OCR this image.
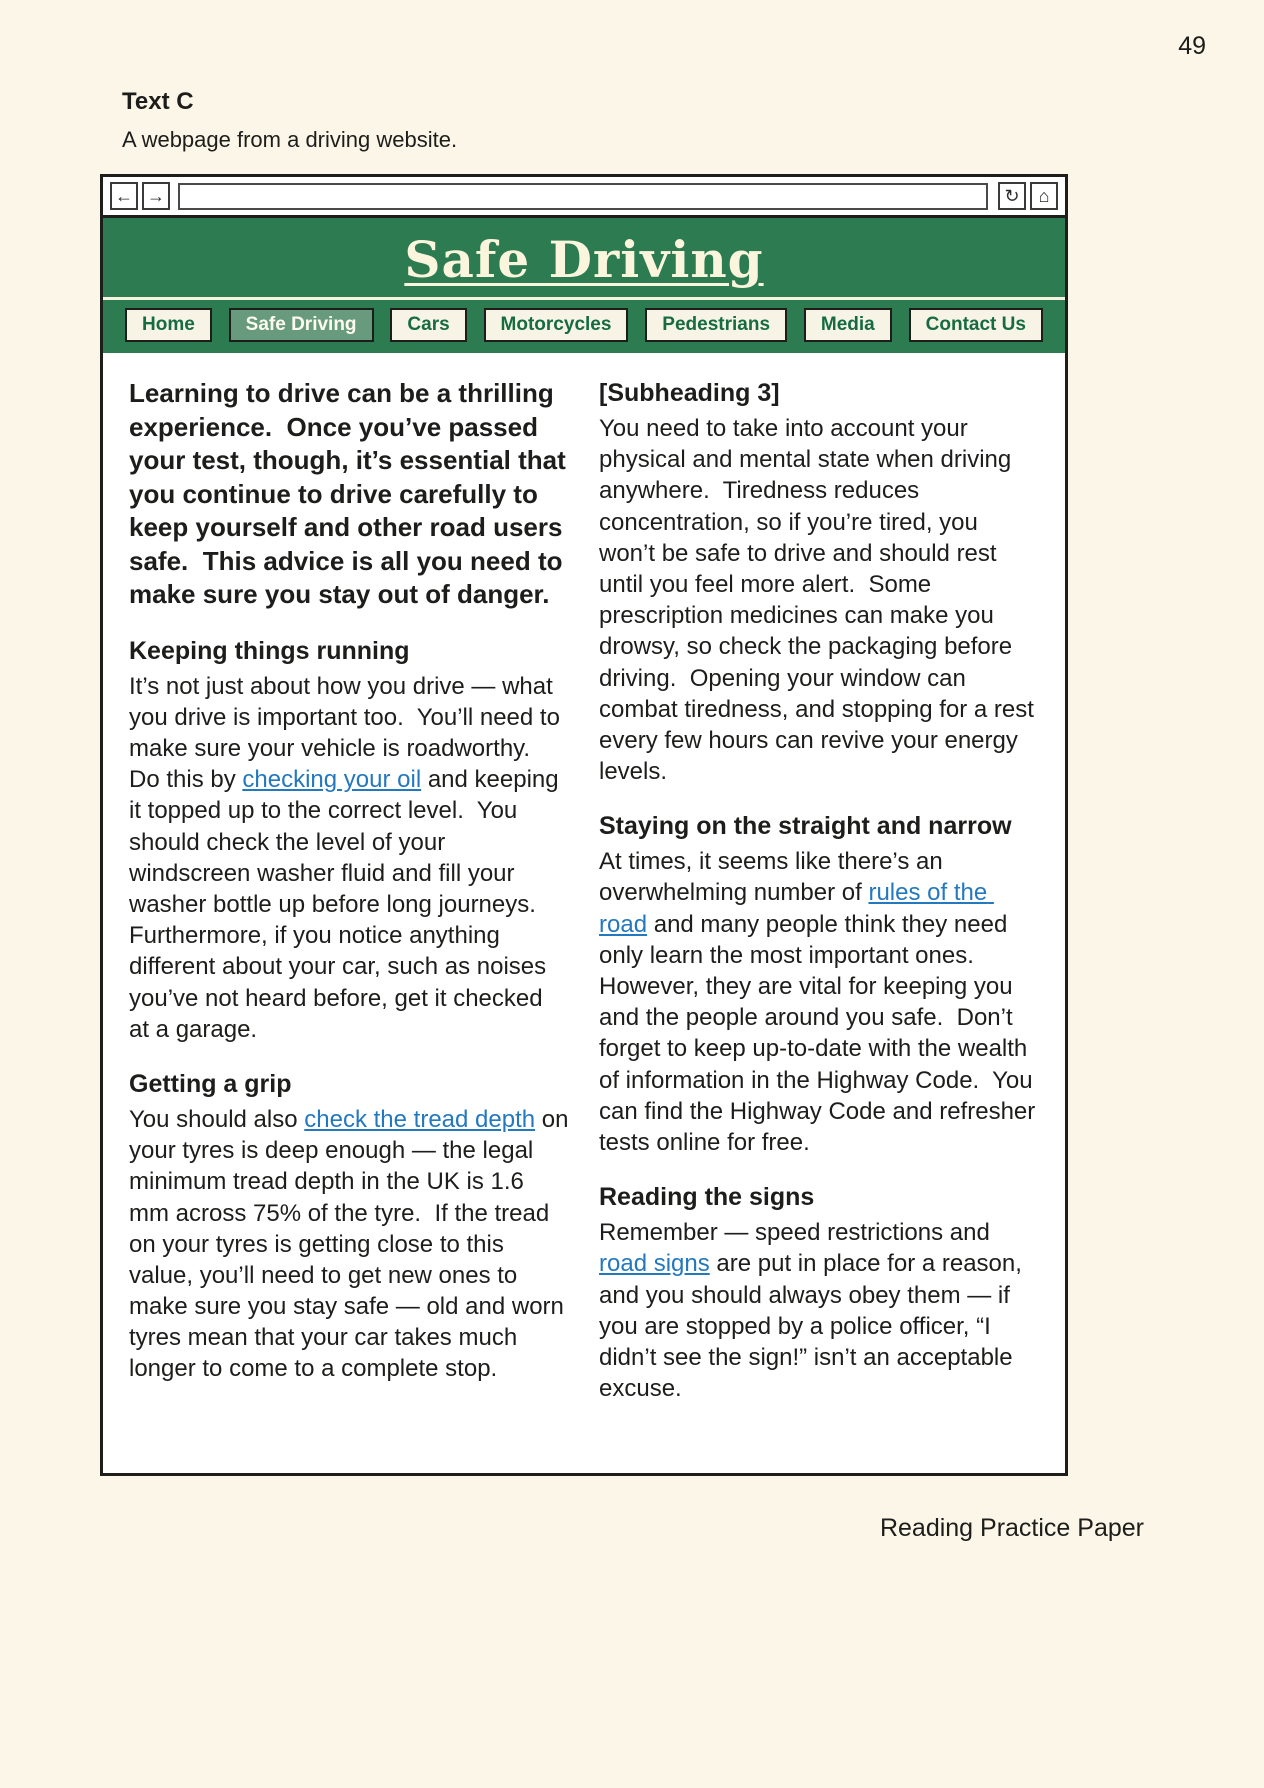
49
Text C
A webpage from a driving website.
← →	↻ ⌂
Safe Driving
Home	Safe Driving	Cars	Motorcycles	Pedestrians	Media	Contact Us

Learning to drive can be a thrilling experience.  Once you’ve passed your test, though, it’s essential that you continue to drive carefully to keep yourself and other road users safe.  This advice is all you need to make sure you stay out of danger.

Keeping things running

It’s not just about how you drive — what you drive is important too.  You’ll need to make sure your vehicle is roadworthy.  Do this by checking your oil and keeping it topped up to the correct level.  You should check the level of your windscreen washer fluid and fill your washer bottle up before long journeys.  Furthermore, if you notice anything different about your car, such as noises you’ve not heard before, get it checked at a garage.

Getting a grip

You should also check the tread depth on your tyres is deep enough — the legal minimum tread depth in the UK is 1.6 mm across 75% of the tyre.  If the tread on your tyres is getting close to this value, you’ll need to get new ones to make sure you stay safe — old and worn tyres mean that your car takes much longer to come to a complete stop.

[Subheading 3]

You need to take into account your physical and mental state when driving anywhere.  Tiredness reduces concentration, so if you’re tired, you won’t be safe to drive and should rest until you feel more alert.  Some prescription medicines can make you drowsy, so check the packaging before driving.  Opening your window can combat tiredness, and stopping for a rest every few hours can revive your energy levels.

Staying on the straight and narrow

At times, it seems like there’s an overwhelming number of rules of the road and many people think they need only learn the most important ones.  However, they are vital for keeping you and the people around you safe.  Don’t forget to keep up-to-date with the wealth of information in the Highway Code.  You can find the Highway Code and refresher tests online for free.

Reading the signs

Remember — speed restrictions and road signs are put in place for a reason, and you should always obey them — if you are stopped by a police officer, “I didn’t see the sign!” isn’t an acceptable excuse.

Reading Practice Paper
